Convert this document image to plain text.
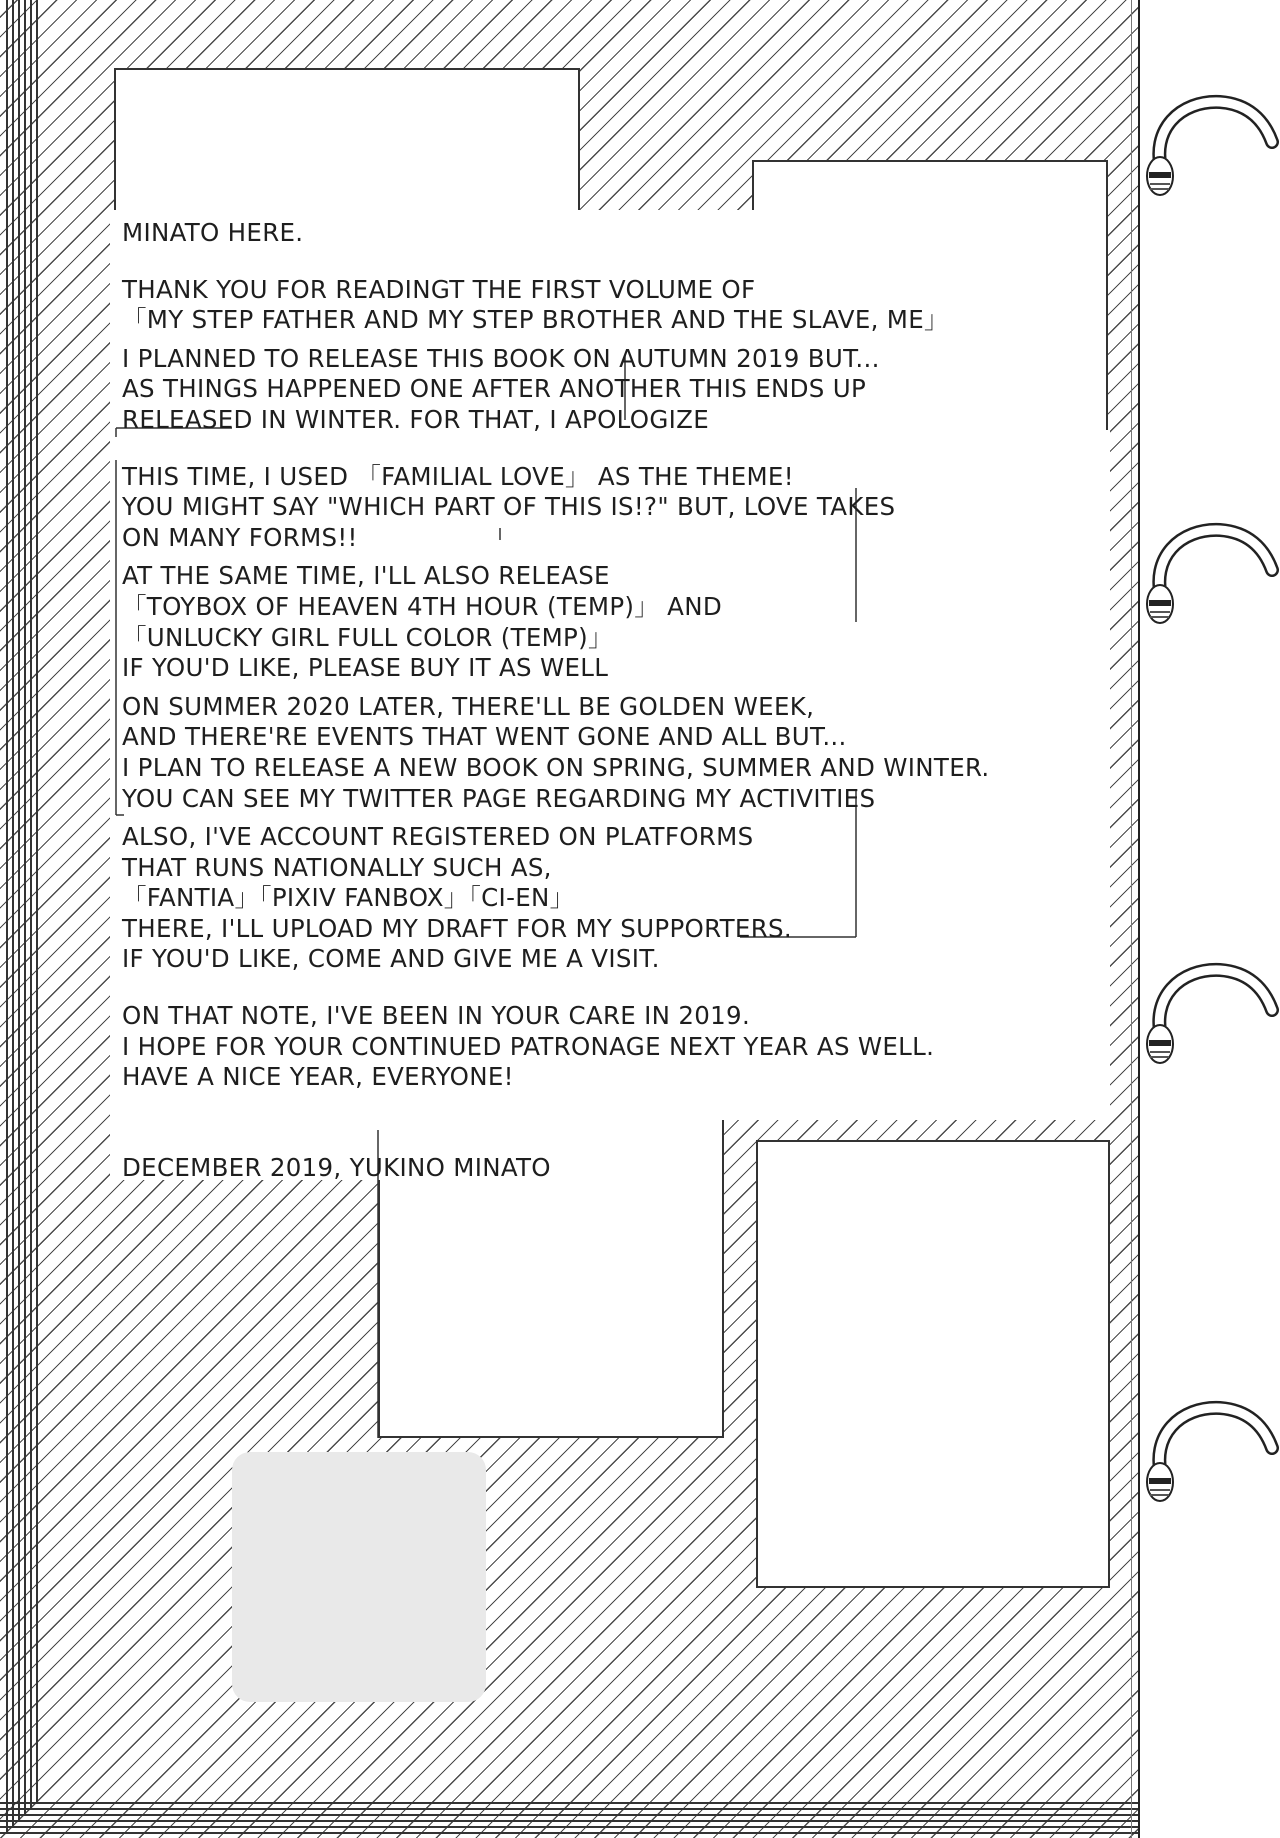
MINATO HERE.
THANK YOU FOR READINGT THE FIRST VOLUME OF
「MY STEP FATHER AND MY STEP BROTHER AND THE SLAVE, ME」
I PLANNED TO RELEASE THIS BOOK ON AUTUMN 2019 BUT...
AS THINGS HAPPENED ONE AFTER ANOTHER THIS ENDS UP
RELEASED IN WINTER. FOR THAT, I APOLOGIZE
THIS TIME, I USED 「FAMILIAL LOVE」 AS THE THEME!
YOU MIGHT SAY "WHICH PART OF THIS IS!?" BUT, LOVE TAKES
ON MANY FORMS!!
AT THE SAME TIME, I'LL ALSO RELEASE
「TOYBOX OF HEAVEN 4TH HOUR (TEMP)」 AND
「UNLUCKY GIRL FULL COLOR (TEMP)」
IF YOU'D LIKE, PLEASE BUY IT AS WELL
ON SUMMER 2020 LATER, THERE'LL BE GOLDEN WEEK,
AND THERE'RE EVENTS THAT WENT GONE AND ALL BUT...
I PLAN TO RELEASE A NEW BOOK ON SPRING, SUMMER AND WINTER.
YOU CAN SEE MY TWITTER PAGE REGARDING MY ACTIVITIES
ALSO, I'VE ACCOUNT REGISTERED ON PLATFORMS
THAT RUNS NATIONALLY SUCH AS,
「FANTIA」「PIXIV FANBOX」「CI-EN」
THERE, I'LL UPLOAD MY DRAFT FOR MY SUPPORTERS.
IF YOU'D LIKE, COME AND GIVE ME A VISIT.
ON THAT NOTE, I'VE BEEN IN YOUR CARE IN 2019.
I HOPE FOR YOUR CONTINUED PATRONAGE NEXT YEAR AS WELL.
HAVE A NICE YEAR, EVERYONE!
DECEMBER 2019, YUKINO MINATO
